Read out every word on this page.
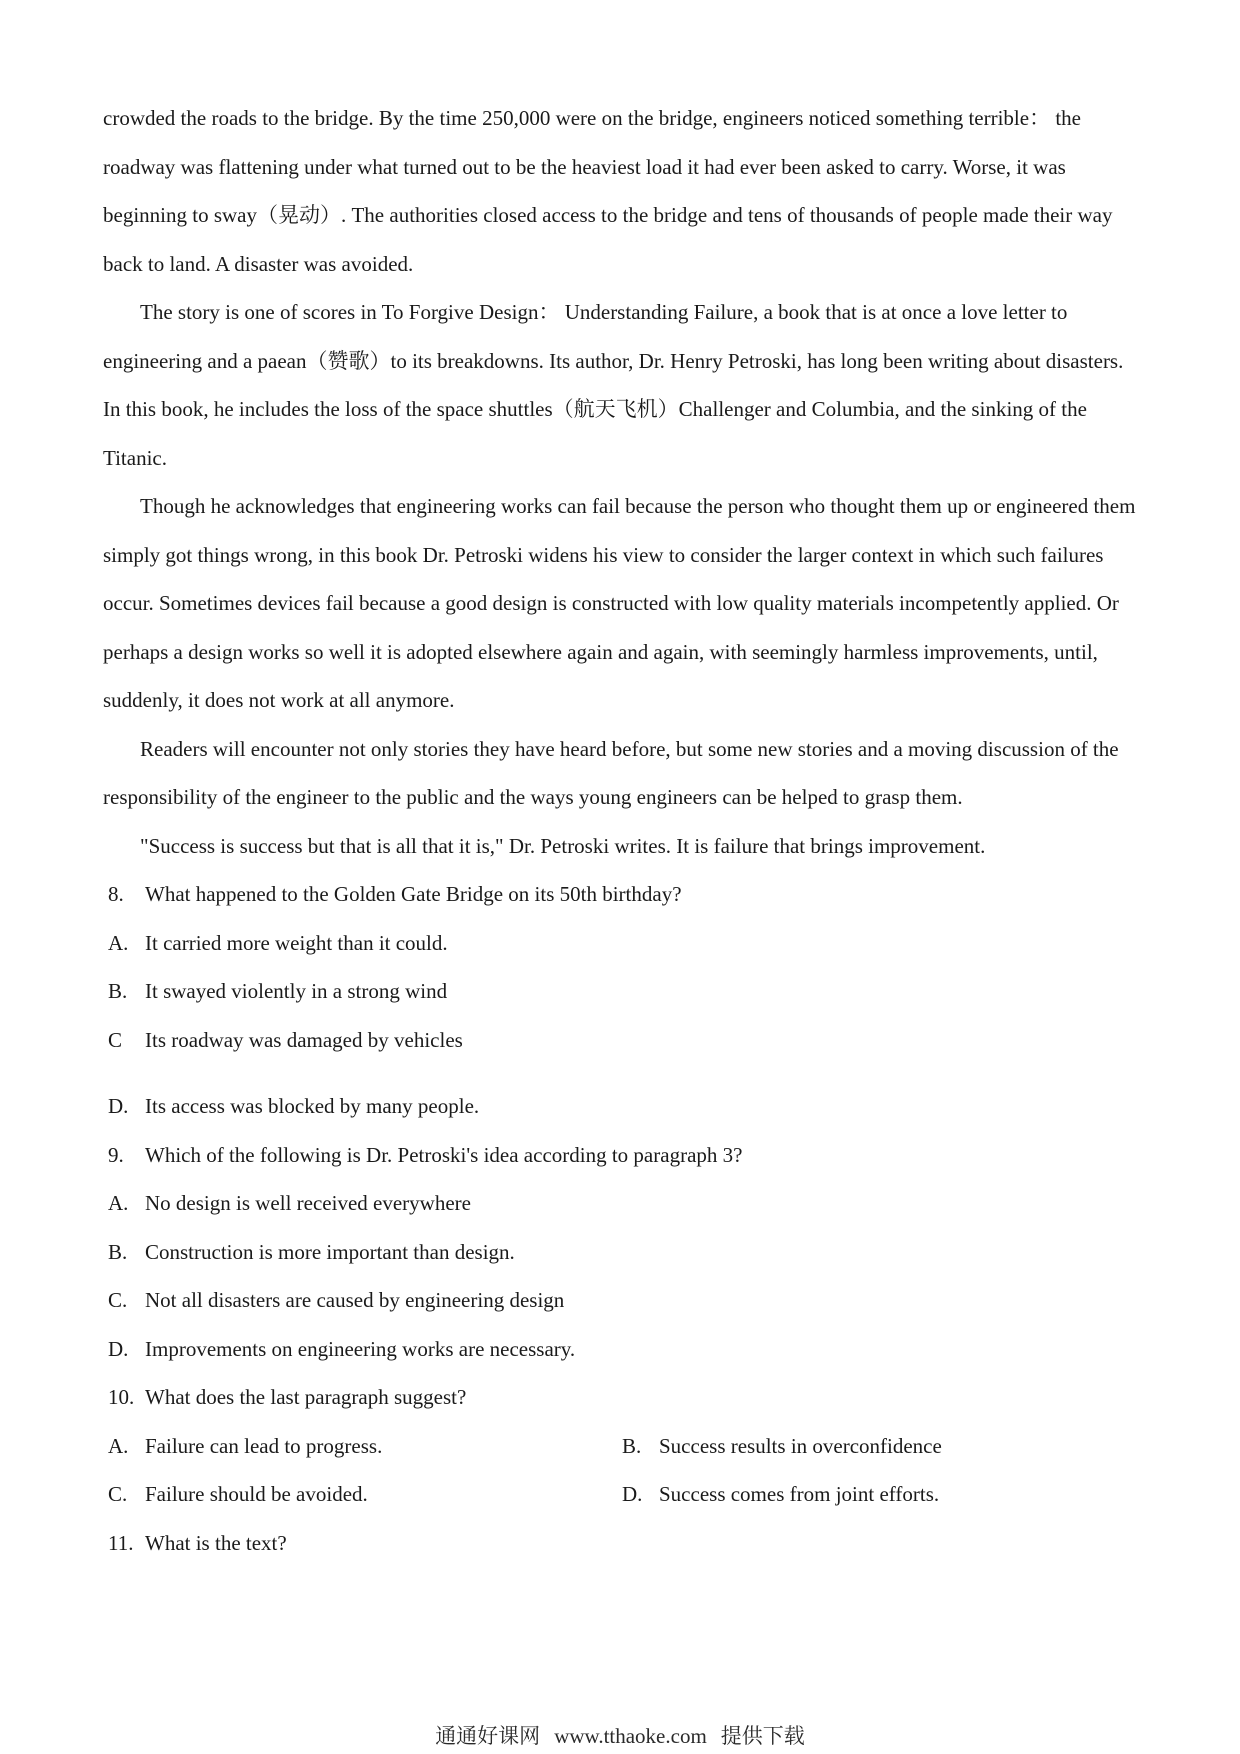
crowded the roads to the bridge. By the time 250,000 were on the bridge, engineers noticed something terrible： the roadway was flattening under what turned out to be the heaviest load it had ever been asked to carry. Worse, it was beginning to sway（晃动）. The authorities closed access to the bridge and tens of thousands of people made their way back to land. A disaster was avoided.

The story is one of scores in To Forgive Design： Understanding Failure, a book that is at once a love letter to engineering and a paean（赞歌）to its breakdowns. Its author, Dr. Henry Petroski, has long been writing about disasters. In this book, he includes the loss of the space shuttles（航天飞机）Challenger and Columbia, and the sinking of the Titanic.

Though he acknowledges that engineering works can fail because the person who thought them up or engineered them simply got things wrong, in this book Dr. Petroski widens his view to consider the larger context in which such failures occur. Sometimes devices fail because a good design is constructed with low quality materials incompetently applied. Or perhaps a design works so well it is adopted elsewhere again and again, with seemingly harmless improvements, until, suddenly, it does not work at all anymore.

Readers will encounter not only stories they have heard before, but some new stories and a moving discussion of the responsibility of the engineer to the public and the ways young engineers can be helped to grasp them.

"Success is success but that is all that it is," Dr. Petroski writes. It is failure that brings improvement.

8. What happened to the Golden Gate Bridge on its 50th birthday?
A. It carried more weight than it could.
B. It swayed violently in a strong wind
C Its roadway was damaged by vehicles
D. Its access was blocked by many people.
9. Which of the following is Dr. Petroski's idea according to paragraph 3?
A. No design is well received everywhere
B. Construction is more important than design.
C. Not all disasters are caused by engineering design
D. Improvements on engineering works are necessary.
10. What does the last paragraph suggest?
A. Failure can lead to progress.	B. Success results in overconfidence
C. Failure should be avoided.	D. Success comes from joint efforts.
11. What is the text?
通通好课网 www.tthaoke.com 提供下载
